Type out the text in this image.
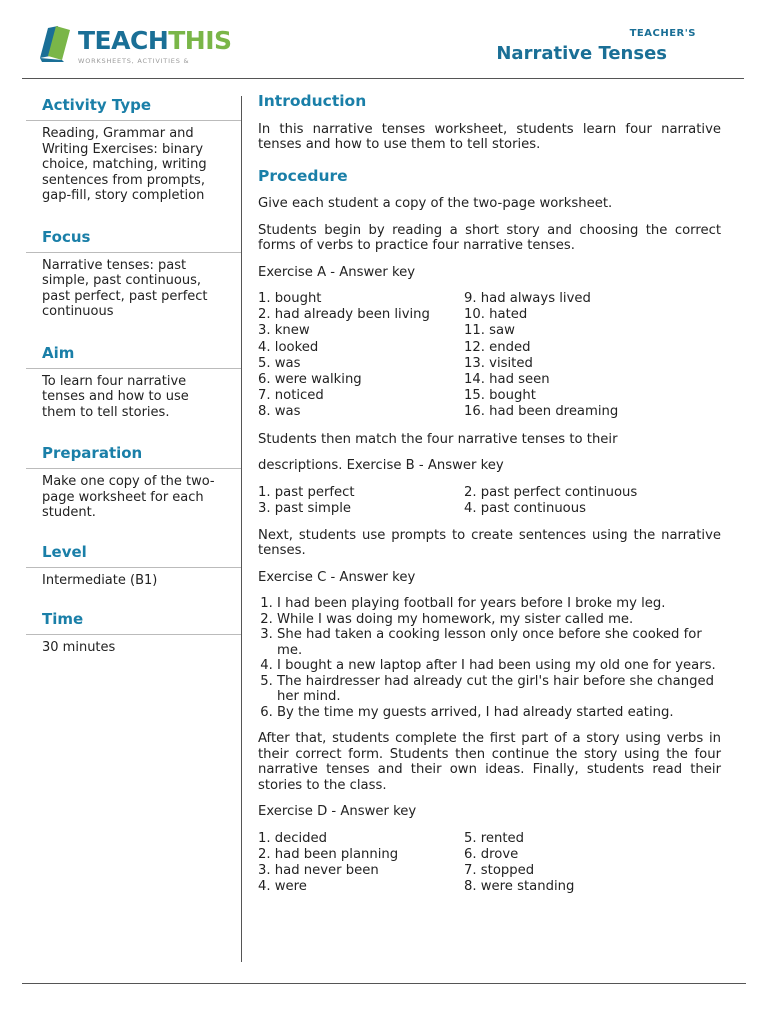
TEACHTHIS
WORKSHEETS, ACTIVITIES &
TEACHER'S
Narrative Tenses
Activity Type
Reading, Grammar and Writing Exercises: binary choice, matching, writing sentences from prompts, gap-fill, story completion
Focus
Narrative tenses: past simple, past continuous, past perfect, past perfect continuous
Aim
To learn four narrative tenses and how to use them to tell stories.
Preparation
Make one copy of the two-page worksheet for each student.
Level
Intermediate (B1)
Time
30 minutes
Introduction

In this narrative tenses worksheet, students learn four narrative tenses and how to use them to tell stories.

Procedure

Give each student a copy of the two-page worksheet.

Students begin by reading a short story and choosing the correct forms of verbs to practice four narrative tenses.

Exercise A - Answer key

1. bought
2. had already been living
3. knew
4. looked
5. was
6. were walking
7. noticed
8. was
9. had always lived
10. hated
11. saw
12. ended
13. visited
14. had seen
15. bought
16. had been dreaming

Students then match the four narrative tenses to their

descriptions. Exercise B - Answer key

1. past perfect
3. past simple
2. past perfect continuous
4. past continuous

Next, students use prompts to create sentences using the narrative tenses.

Exercise C - Answer key

1. I had been playing football for years before I broke my leg.
2. While I was doing my homework, my sister called me.
3. She had taken a cooking lesson only once before she cooked for me.
4. I bought a new laptop after I had been using my old one for years.
5. The hairdresser had already cut the girl's hair before she changed her mind.
6. By the time my guests arrived, I had already started eating.

After that, students complete the first part of a story using verbs in their correct form. Students then continue the story using the four narrative tenses and their own ideas. Finally, students read their stories to the class.

Exercise D - Answer key

1. decided
2. had been planning
3. had never been
4. were
5. rented
6. drove
7. stopped
8. were standing
